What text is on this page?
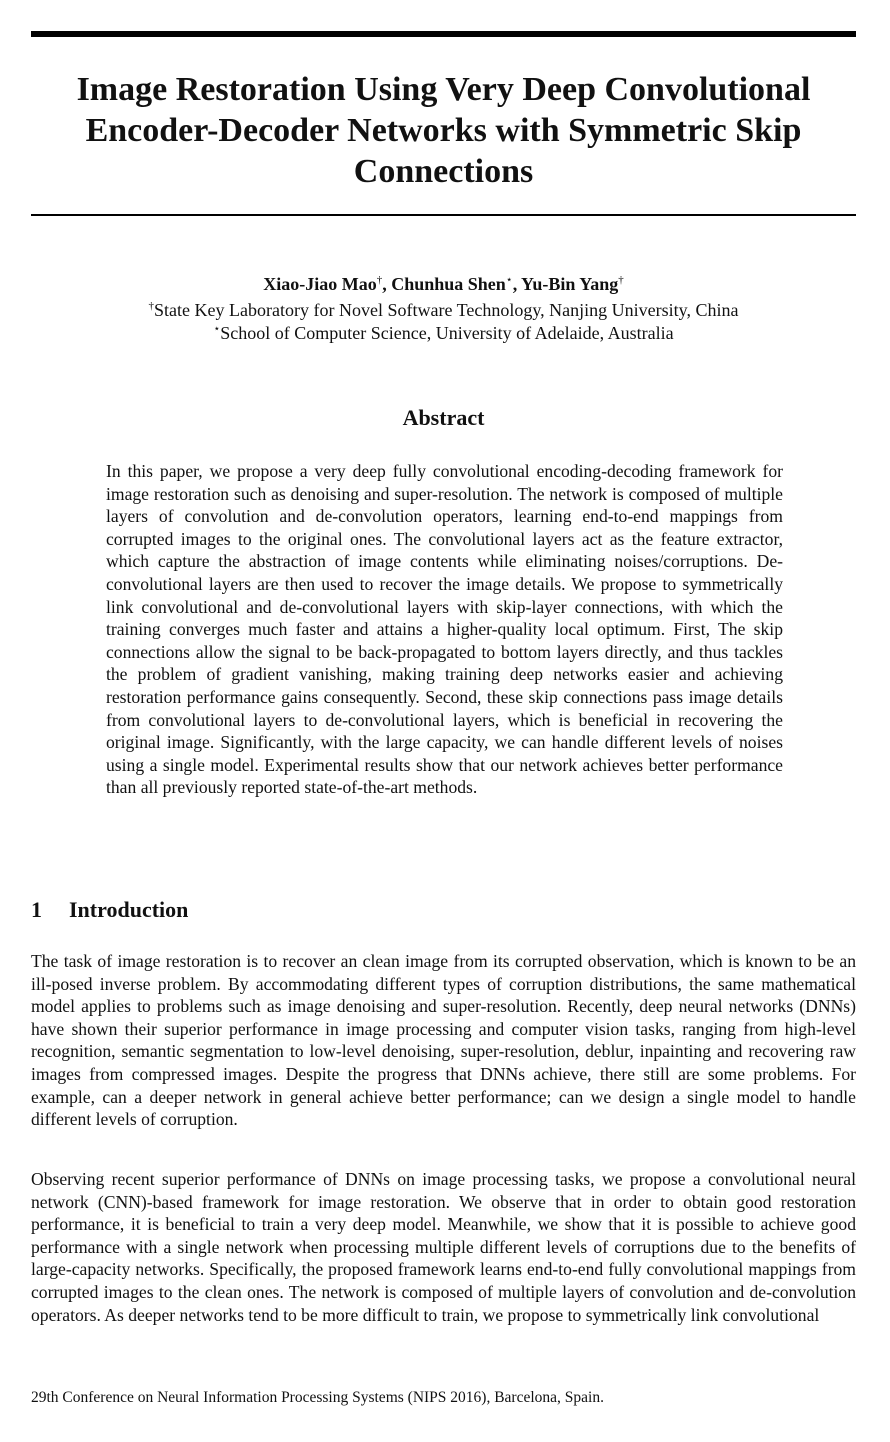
Image Restoration Using Very Deep Convolutional Encoder-Decoder Networks with Symmetric Skip Connections
Xiao-Jiao Mao†, Chunhua Shen⋆, Yu-Bin Yang†
†State Key Laboratory for Novel Software Technology, Nanjing University, China
⋆School of Computer Science, University of Adelaide, Australia
Abstract

In this paper, we propose a very deep fully convolutional encoding-decoding framework for image restoration such as denoising and super-resolution. The network is composed of multiple layers of convolution and de-convolution operators, learning end-to-end mappings from corrupted images to the original ones. The convolutional layers act as the feature extractor, which capture the abstraction of image contents while eliminating noises/corruptions. De-convolutional layers are then used to recover the image details. We propose to symmetrically link convolutional and de-convolutional layers with skip-layer connections, with which the training converges much faster and attains a higher-quality local optimum. First, The skip connections allow the signal to be back-propagated to bottom layers directly, and thus tackles the problem of gradient vanishing, making training deep networks easier and achieving restoration performance gains consequently. Second, these skip connections pass image details from convolutional layers to de-convolutional layers, which is beneficial in recovering the original image. Significantly, with the large capacity, we can handle different levels of noises using a single model. Experimental results show that our network achieves better performance than all previously reported state-of-the-art methods.

1 Introduction

The task of image restoration is to recover an clean image from its corrupted observation, which is known to be an ill-posed inverse problem. By accommodating different types of corruption distributions, the same mathematical model applies to problems such as image denoising and super-resolution. Recently, deep neural networks (DNNs) have shown their superior performance in image processing and computer vision tasks, ranging from high-level recognition, semantic segmentation to low-level denoising, super-resolution, deblur, inpainting and recovering raw images from compressed images. Despite the progress that DNNs achieve, there still are some problems. For example, can a deeper network in general achieve better performance; can we design a single model to handle different levels of corruption.

Observing recent superior performance of DNNs on image processing tasks, we propose a convolutional neural network (CNN)-based framework for image restoration. We observe that in order to obtain good restoration performance, it is beneficial to train a very deep model. Meanwhile, we show that it is possible to achieve good performance with a single network when processing multiple different levels of corruptions due to the benefits of large-capacity networks. Specifically, the proposed framework learns end-to-end fully convolutional mappings from corrupted images to the clean ones. The network is composed of multiple layers of convolution and de-convolution operators. As deeper networks tend to be more difficult to train, we propose to symmetrically link convolutional

29th Conference on Neural Information Processing Systems (NIPS 2016), Barcelona, Spain.
